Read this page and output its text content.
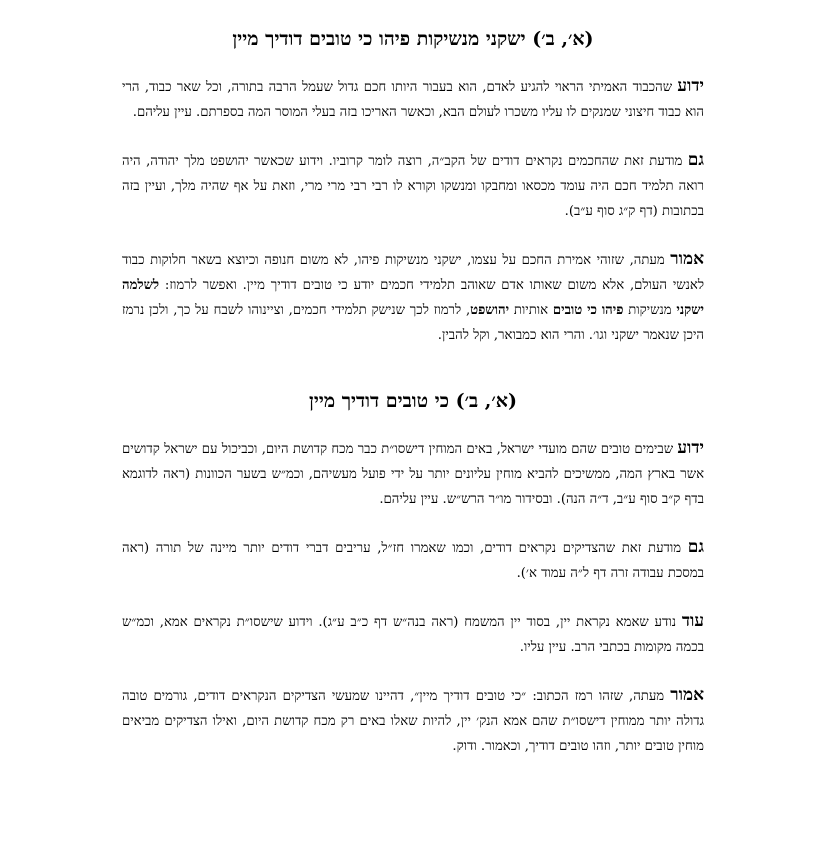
(א׳, ב׳) ישקני מנשיקות פיהו כי טובים דודיך מיין

ידוע שהכבוד האמיתי הראוי להגיע לאדם, הוא בעבור היותו חכם גדול שעמל הרבה בתורה, וכל שאר כבוד, הרי הוא כבוד חיצוני שמנקים לו עליו משכרו לעולם הבא, וכאשר האריכו בזה בעלי המוסר המה בספרתם. עיין עליהם.

גם מודעת זאת שהחכמים נקראים דודים של הקב״ה, רוצה לומר קרוביו. וידוע שכאשר יהושפט מלך יהודה, היה רואה תלמיד חכם היה עומד מכסאו ומחבקו ומנשקו וקורא לו רבי רבי מרי מרי, וזאת על אף שהיה מלך, ועיין בזה בכתובות (דף ק״ג סוף ע״ב).

אמור מעתה, שזוהי אמירת החכם על עצמו, ישקני מנשיקות פיהו, לא משום חנופה וכיוצא בשאר חלוקות כבוד לאנשי העולם, אלא משום שאותו אדם שאוהב תלמידי חכמים יודע כי טובים דודיך מיין. ואפשר לרמוז: לשלמה ישקני מנשיקות פיהו כי טובים אותיות יהושפט, לרמוז לכך שנישק תלמידי חכמים, וציינוהו לשבח על כך, ולכן נרמז היכן שנאמר ישקני וגו׳. והרי הוא כמבואר, וקל להבין.

(א׳, ב׳) כי טובים דודיך מיין

ידוע שבימים טובים שהם מועדי ישראל, באים המוחין דישסו״ת כבר מכח קדושת היום, וכביכול עם ישראל קדושים אשר בארץ המה, ממשיכים להביא מוחין עליונים יותר על ידי פועל מעשיהם, וכמ״ש בשער הכוונות (ראה לדוגמא בדף ק״ב סוף ע״ב, ד״ה הנה). ובסידור מו״ר הרש״ש. עיין עליהם.

גם מודעת זאת שהצדיקים נקראים דודים, וכמו שאמרו חז״ל, עריבים דברי דודים יותר מיינה של תורה (ראה במסכת עבודה זרה דף ל״ה עמוד א׳).

עוד נודע שאמא נקראת יין, בסוד יין המשמח (ראה בנה״ש דף כ״ב ע״ג). וידוע שישסו״ת נקראים אמא, וכמ״ש בכמה מקומות בכתבי הרב. עיין עליו.

אמור מעתה, שזהו רמז הכתוב: ״כי טובים דודיך מיין״, דהיינו שמעשי הצדיקים הנקראים דודים, גורמים טובה גדולה יותר ממוחין דישסו״ת שהם אמא הנק׳ יין, להיות שאלו באים רק מכח קדושת היום, ואילו הצדיקים מביאים מוחין טובים יותר, וזהו טובים דודיך, וכאמור. ודוק.
